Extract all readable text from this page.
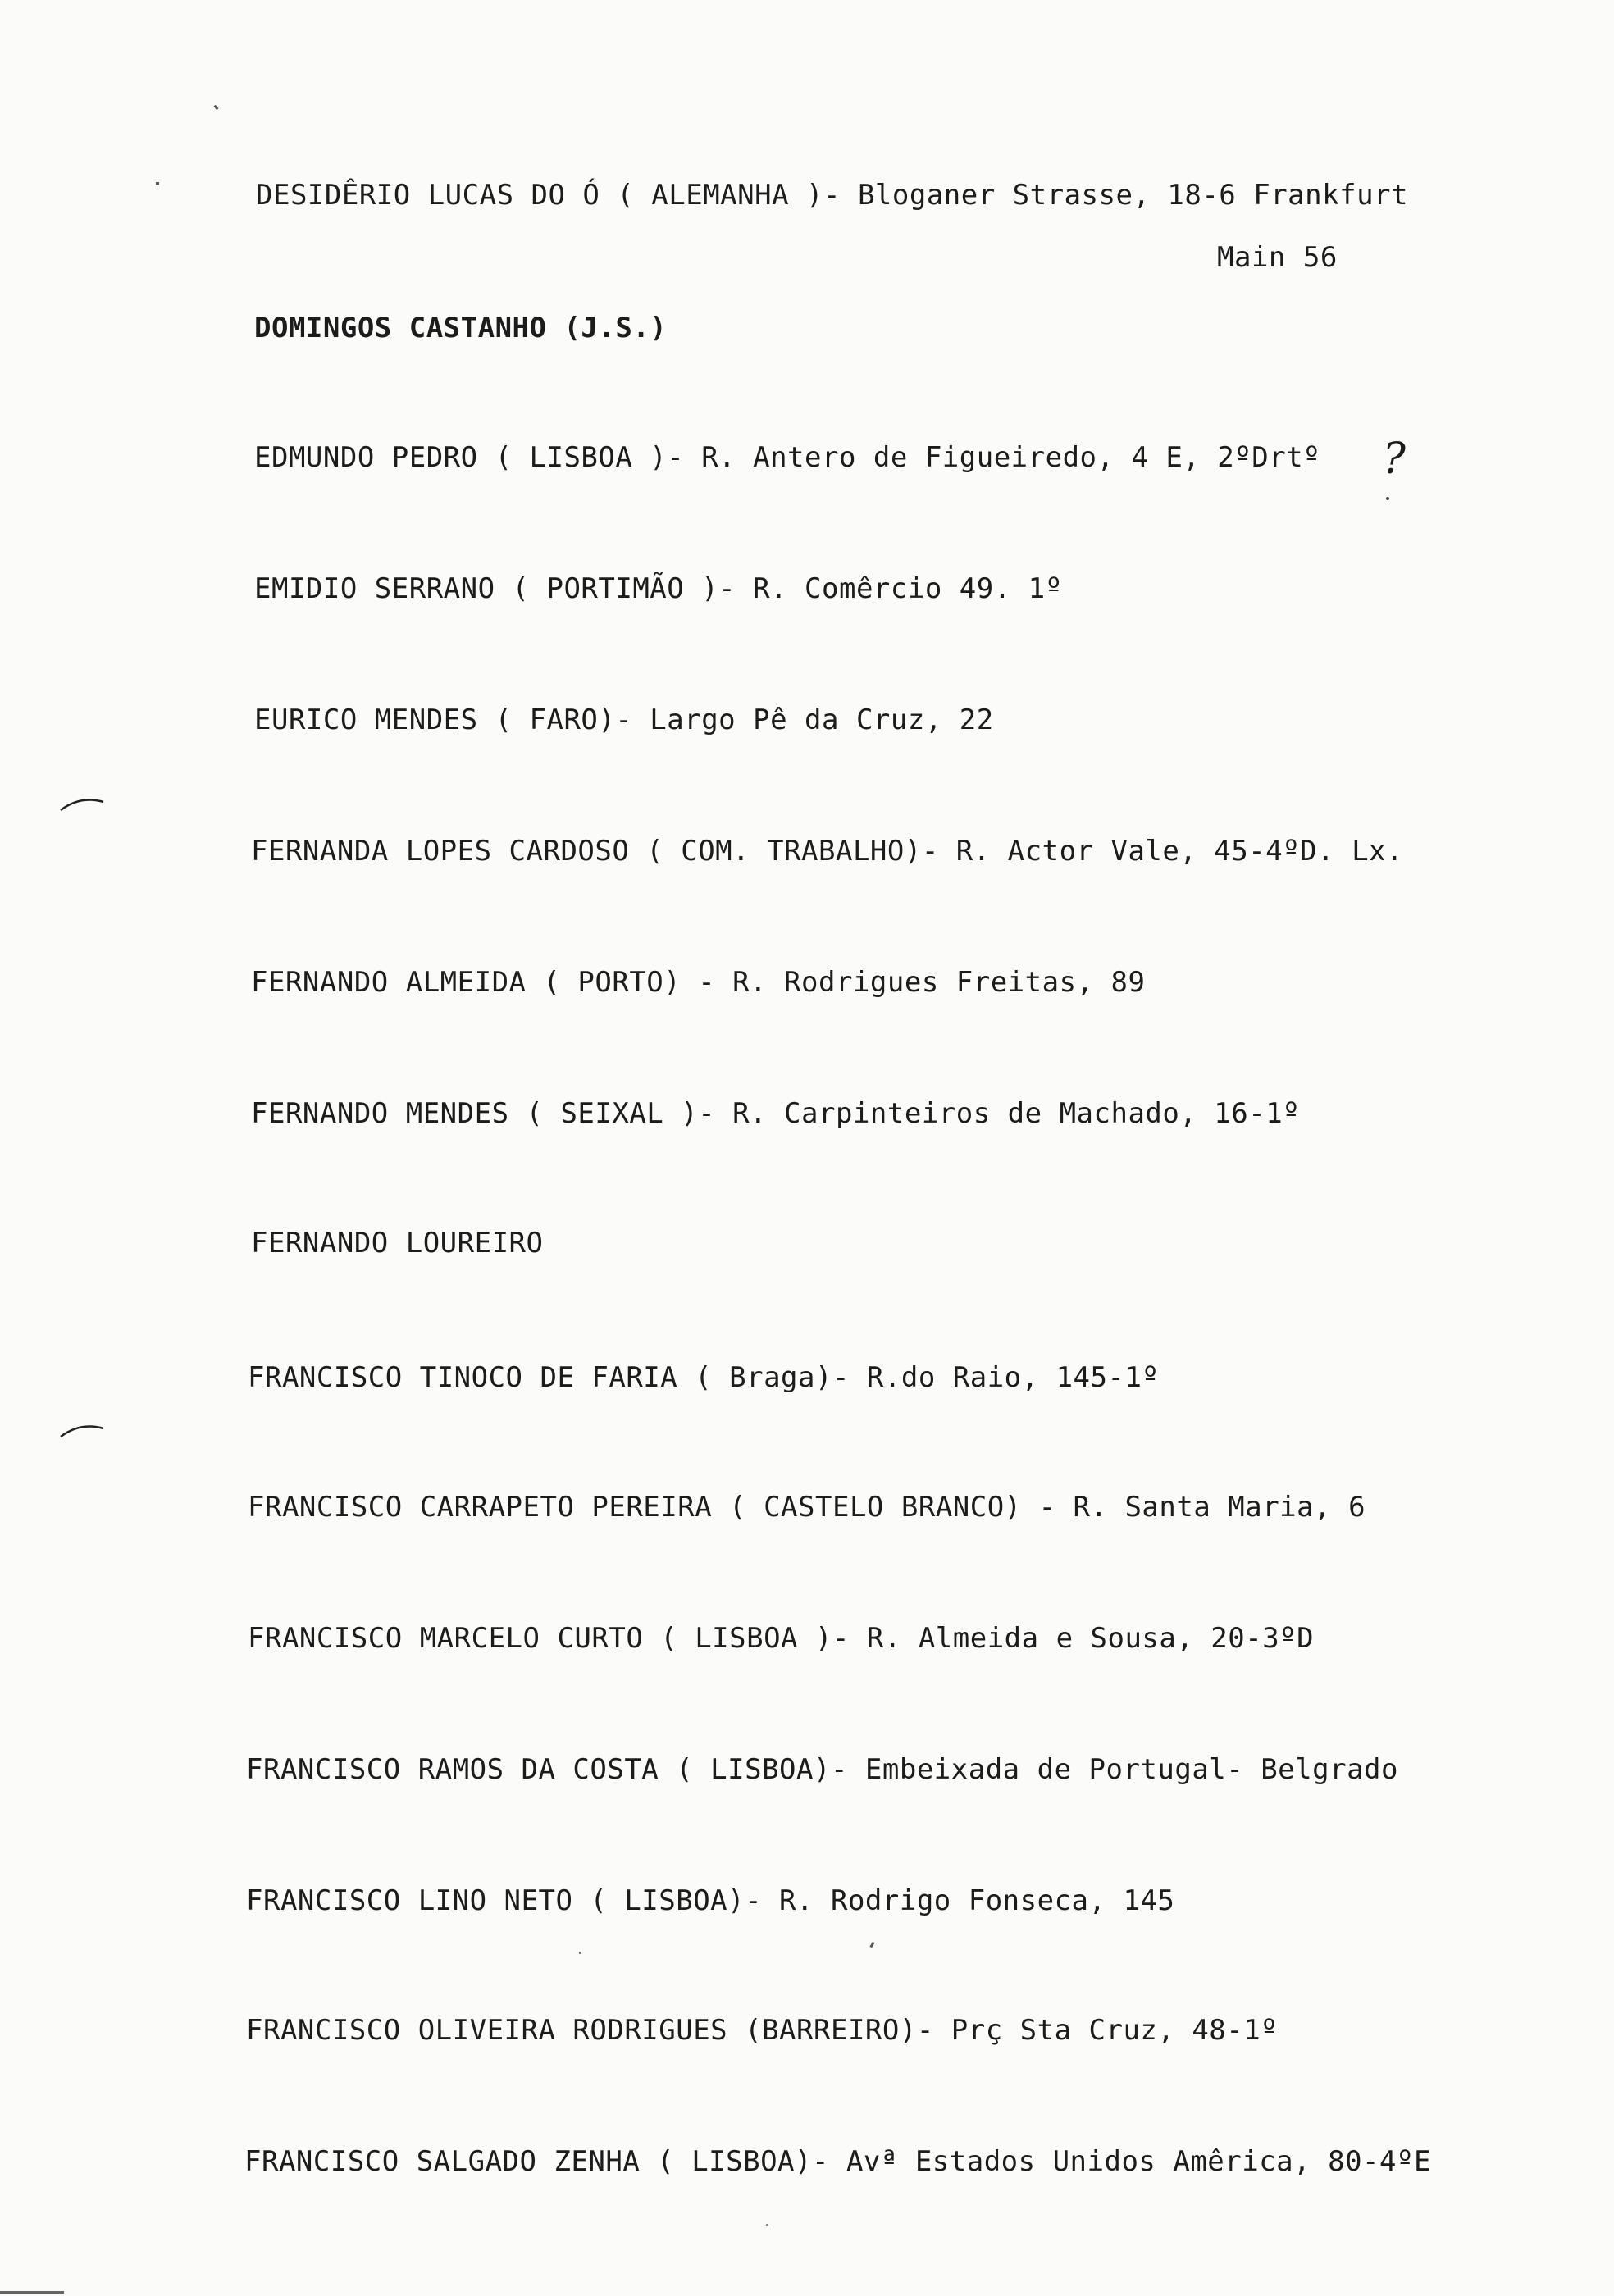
DESIDÊRIO LUCAS DO Ó ( ALEMANHA )- Bloganer Strasse, 18-6 Frankfurt
Main 56
DOMINGOS CASTANHO (J.S.)
EDMUNDO PEDRO ( LISBOA )- R. Antero de Figueiredo, 4 E, 2ºDrtº ?
EMIDIO SERRANO ( PORTIMÃO )- R. Comêrcio 49. 1º
EURICO MENDES ( FARO)- Largo Pê da Cruz, 22
FERNANDA LOPES CARDOSO ( COM. TRABALHO)- R. Actor Vale, 45-4ºD. Lx.
FERNANDO ALMEIDA ( PORTO) - R. Rodrigues Freitas, 89
FERNANDO MENDES ( SEIXAL )- R. Carpinteiros de Machado, 16-1º
FERNANDO LOUREIRO
FRANCISCO TINOCO DE FARIA ( Braga)- R.do Raio, 145-1º
FRANCISCO CARRAPETO PEREIRA ( CASTELO BRANCO) - R. Santa Maria, 6
FRANCISCO MARCELO CURTO ( LISBOA )- R. Almeida e Sousa, 20-3ºD
FRANCISCO RAMOS DA COSTA ( LISBOA)- Embeixada de Portugal- Belgrado
FRANCISCO LINO NETO ( LISBOA)- R. Rodrigo Fonseca, 145
FRANCISCO OLIVEIRA RODRIGUES (BARREIRO)- Prç Sta Cruz, 48-1º
FRANCISCO SALGADO ZENHA ( LISBOA)- Avª Estados Unidos Amêrica, 80-4ºE
